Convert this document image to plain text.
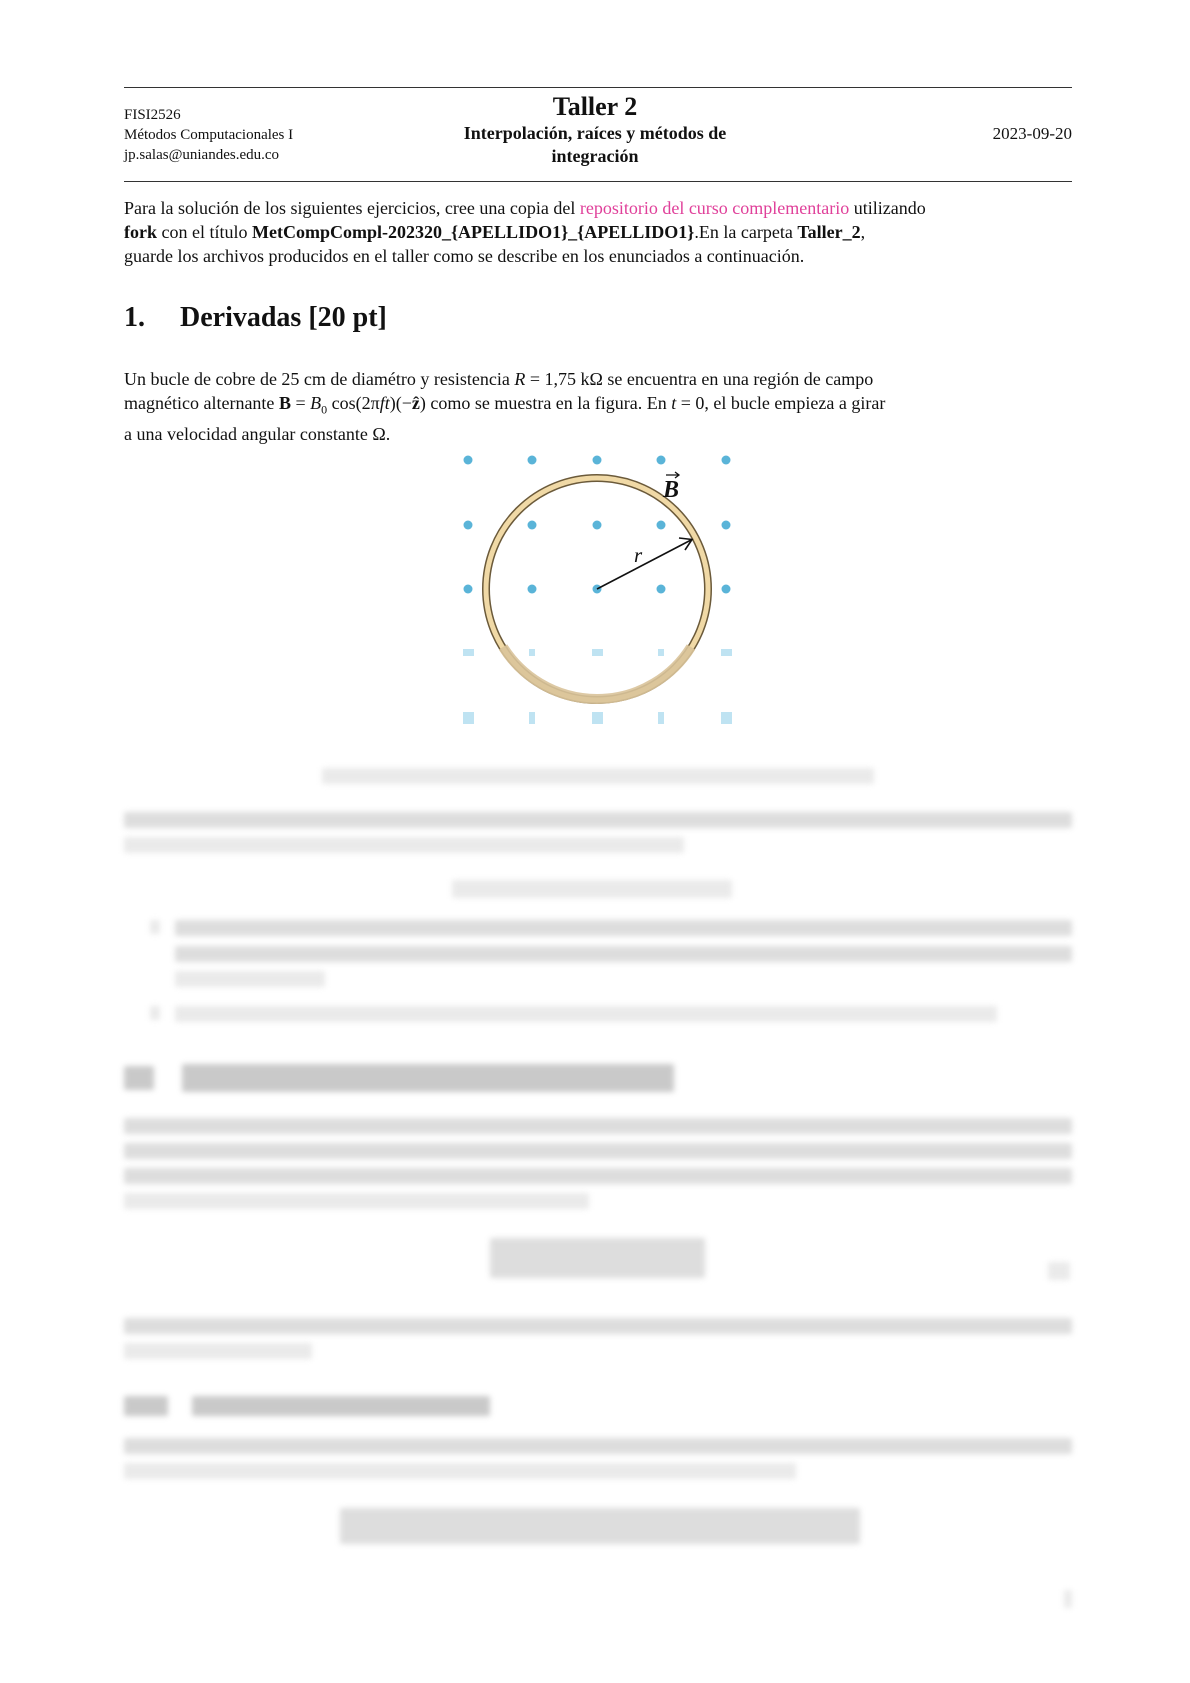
FISI2526
Métodos Computacionales I
jp.salas@uniandes.edu.co
Taller 2
Interpolación, raíces y métodos de
integración
2023-09-20
Para la solución de los siguientes ejercicios, cree una copia del repositorio del curso complementario utilizando
fork con el título MetCompCompl-202320_{APELLIDO1}_{APELLIDO1}.En la carpeta Taller_2,
guarde los archivos producidos en el taller como se describe en los enunciados a continuación.
1. Derivadas [20 pt]
Un bucle de cobre de 25 cm de diamétro y resistencia R = 1,75 kΩ se encuentra en una región de campo
magnético alternante $B = B_0$ cos(2πft)(−ẑ) como se muestra en la figura. En t = 0, el bucle empieza a girar
a una velocidad angular constante Ω.
B
r
